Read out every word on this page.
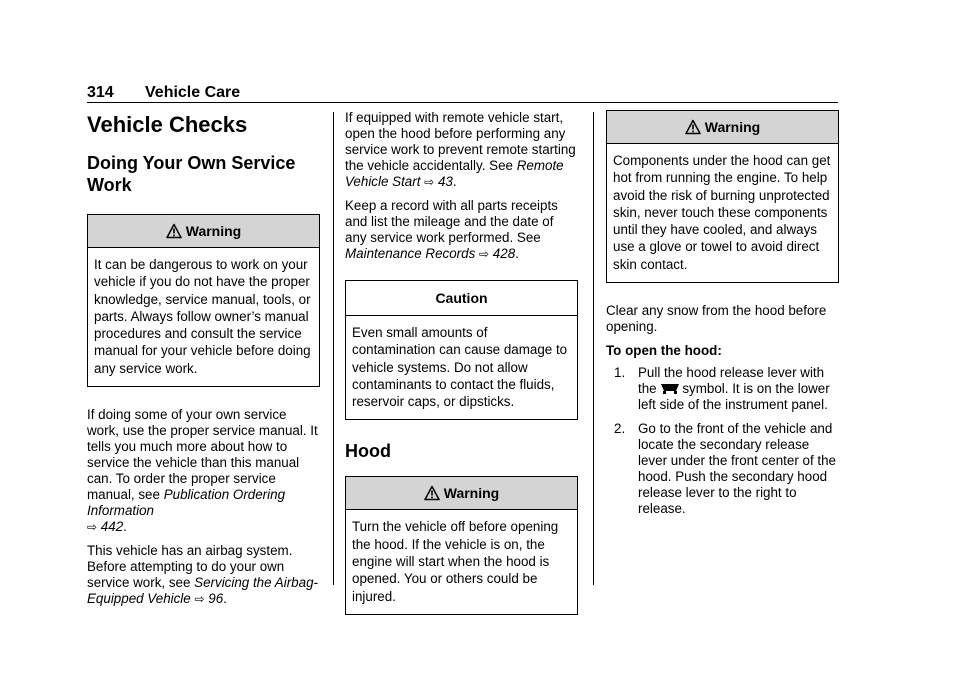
314 Vehicle Care
Vehicle Checks
Doing Your Own Service Work
Warning
It can be dangerous to work on your vehicle if you do not have the proper knowledge, service manual, tools, or parts. Always follow owner’s manual procedures and consult the service manual for your vehicle before doing any service work.

If doing some of your own service work, use the proper service manual. It tells you much more about how to service the vehicle than this manual can. To order the proper service manual, see Publication Ordering Information
⇨ 442.

This vehicle has an airbag system. Before attempting to do your own service work, see Servicing the Airbag-Equipped Vehicle ⇨ 96.

If equipped with remote vehicle start, open the hood before performing any service work to prevent remote starting the vehicle accidentally. See Remote Vehicle Start ⇨ 43.

Keep a record with all parts receipts and list the mileage and the date of any service work performed. See Maintenance Records ⇨ 428.

Caution
Even small amounts of contamination can cause damage to vehicle systems. Do not allow contaminants to contact the fluids, reservoir caps, or dipsticks.
Hood
Warning
Turn the vehicle off before opening the hood. If the vehicle is on, the engine will start when the hood is opened. You or others could be injured.
Warning
Components under the hood can get hot from running the engine. To help avoid the risk of burning unprotected skin, never touch these components until they have cooled, and always use a glove or towel to avoid direct skin contact.

Clear any snow from the hood before opening.

To open the hood:

1. Pull the hood release lever with the symbol. It is on the lower left side of the instrument panel.
2. Go to the front of the vehicle and locate the secondary release lever under the front center of the hood. Push the secondary hood release lever to the right to release.
